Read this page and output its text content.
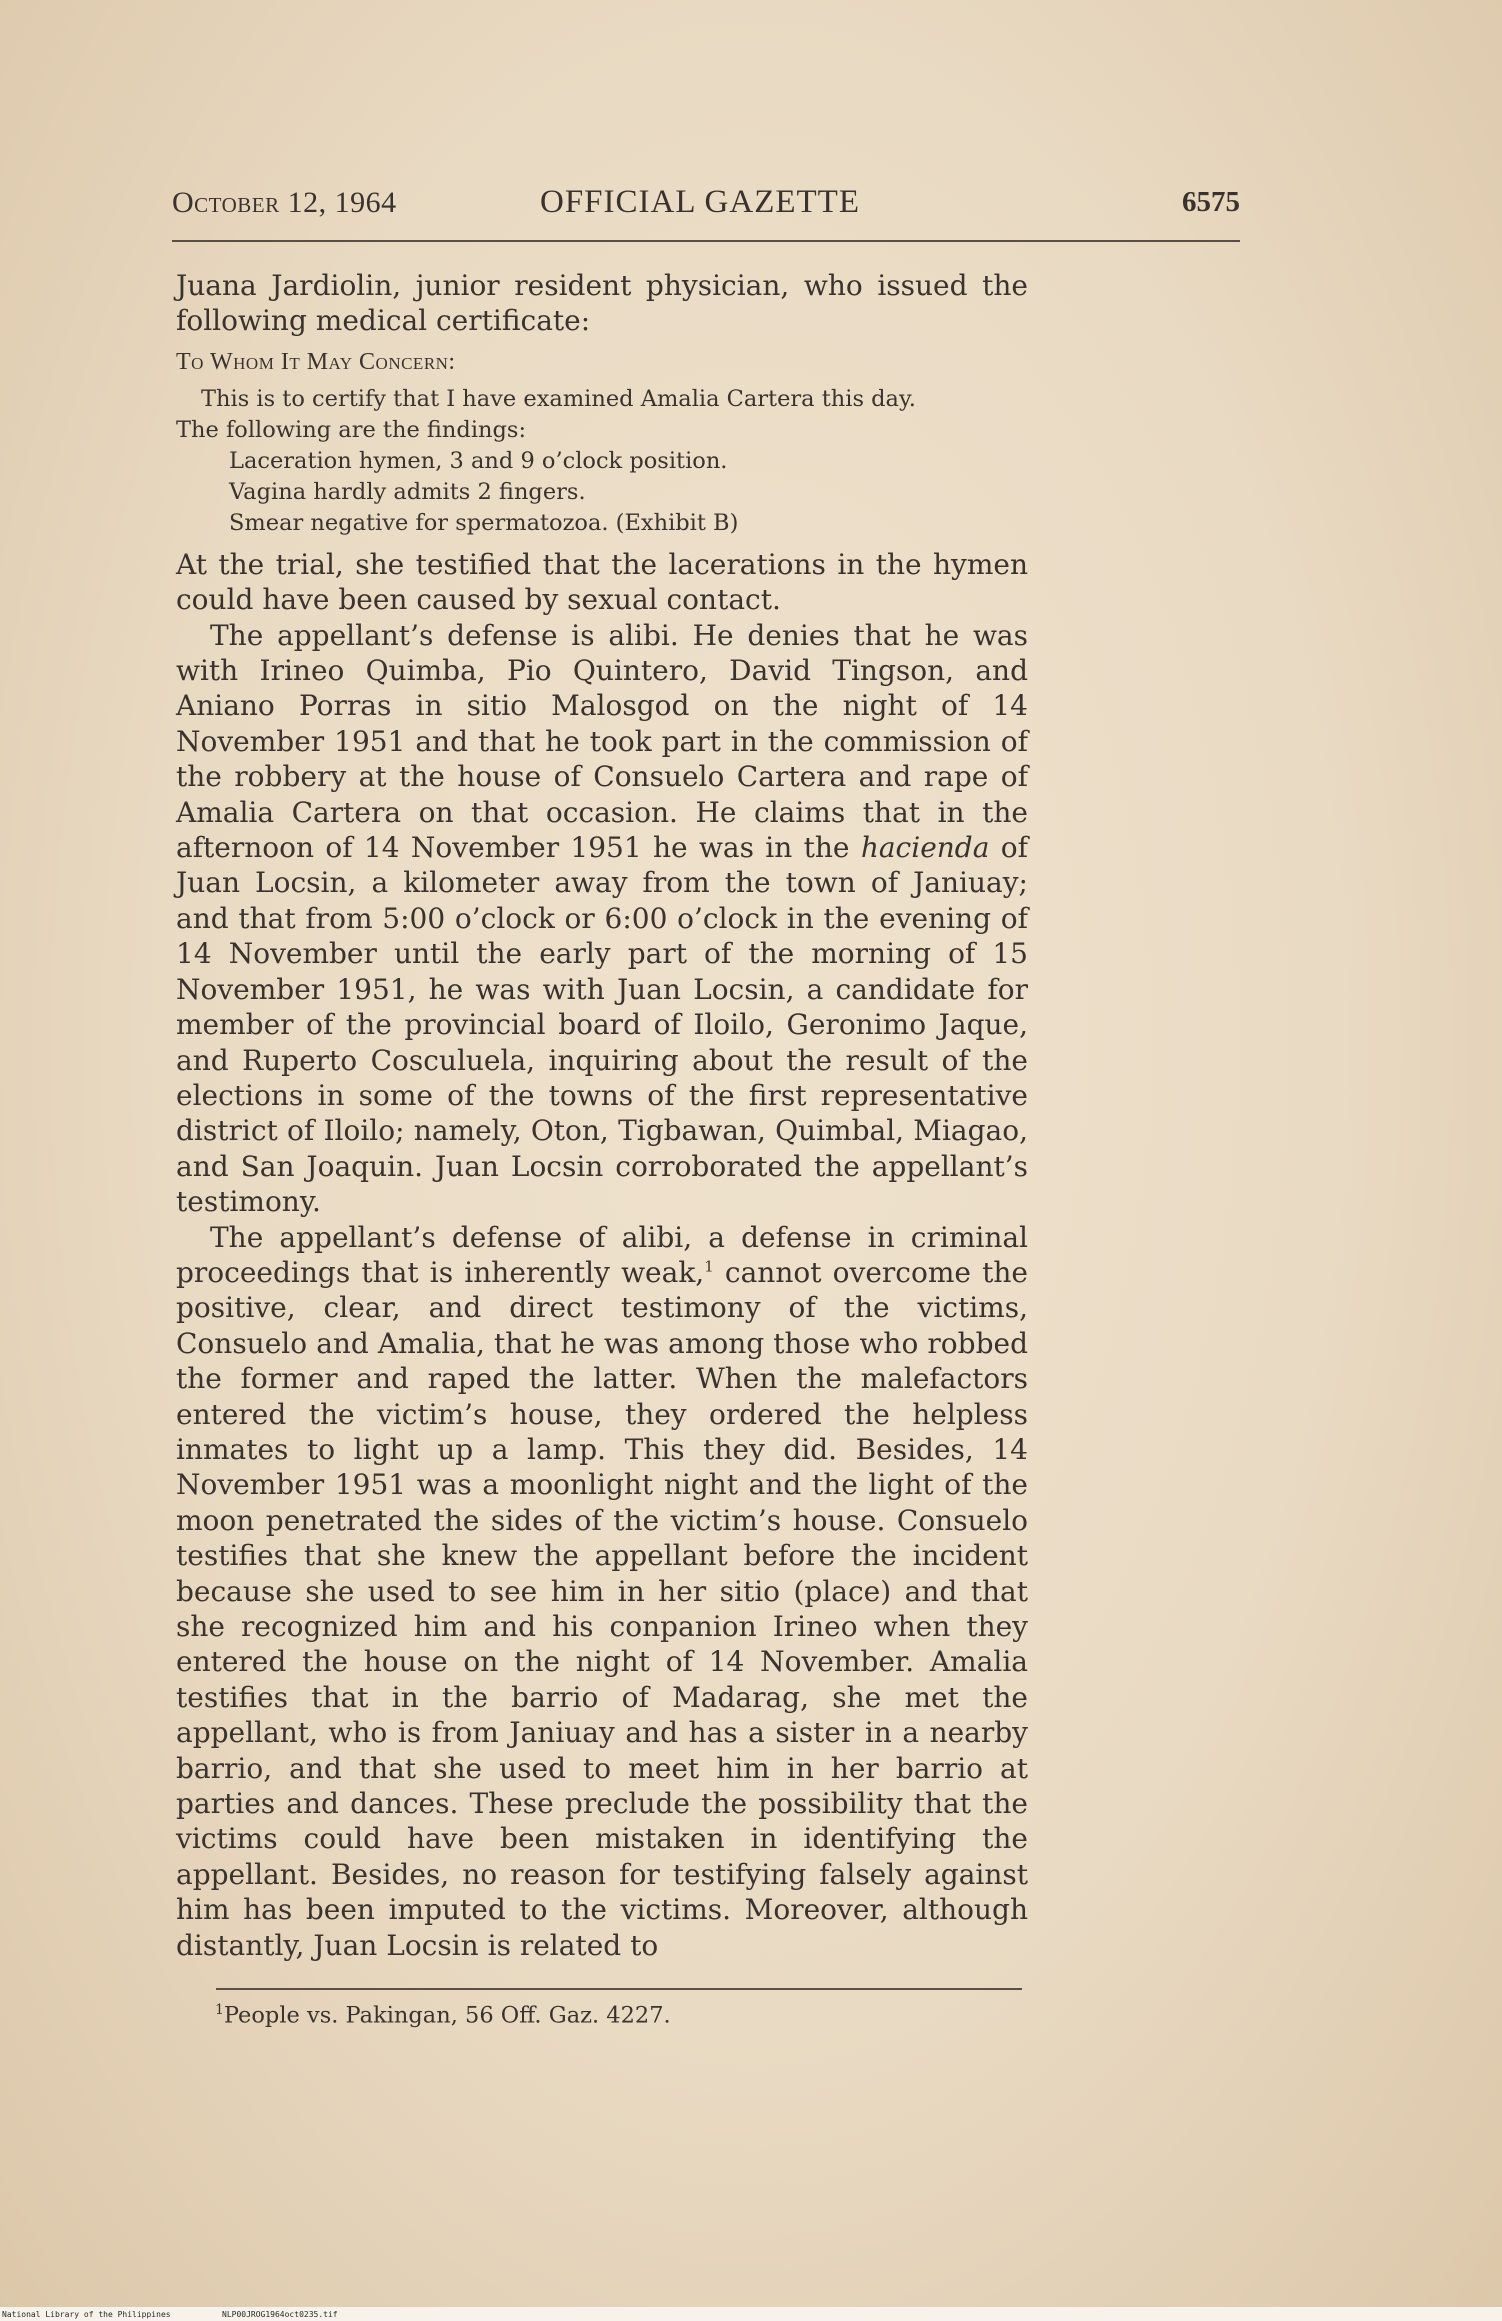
October 12, 1964	OFFICIAL GAZETTE	6575

Juana Jardiolin, junior resident physician, who issued the following medical certificate:

To Whom It May Concern:

This is to certify that I have examined Amalia Cartera this day.

The following are the findings:

Laceration hymen, 3 and 9 o’clock position.
Vagina hardly admits 2 fingers.
Smear negative for spermatozoa. (Exhibit B)

At the trial, she testified that the lacerations in the hymen could have been caused by sexual contact.

The appellant’s defense is alibi. He denies that he was with Irineo Quimba, Pio Quintero, David Tingson, and Aniano Porras in sitio Malosgod on the night of 14 November 1951 and that he took part in the commission of the robbery at the house of Consuelo Cartera and rape of Amalia Cartera on that occasion. He claims that in the afternoon of 14 November 1951 he was in the hacienda of Juan Locsin, a kilometer away from the town of Janiuay; and that from 5:00 o’clock or 6:00 o’clock in the evening of 14 November until the early part of the morning of 15 November 1951, he was with Juan Locsin, a candidate for member of the provincial board of Iloilo, Geronimo Jaque, and Ruperto Cosculuela, inquiring about the result of the elections in some of the towns of the first representative district of Iloilo; namely, Oton, Tigbawan, Quimbal, Miagao, and San Joaquin. Juan Locsin corroborated the appellant’s testimony.

The appellant’s defense of alibi, a defense in criminal proceedings that is inherently weak,$^1$ cannot overcome the positive, clear, and direct testimony of the victims, Consuelo and Amalia, that he was among those who robbed the former and raped the latter. When the malefactors entered the victim’s house, they ordered the helpless inmates to light up a lamp. This they did. Besides, 14 November 1951 was a moonlight night and the light of the moon penetrated the sides of the victim’s house. Consuelo testifies that she knew the appellant before the incident because she used to see him in her sitio (place) and that she recognized him and his conpanion Irineo when they entered the house on the night of 14 November. Amalia testifies that in the barrio of Madarag, she met the appellant, who is from Janiuay and has a sister in a nearby barrio, and that she used to meet him in her barrio at parties and dances. These preclude the possibility that the victims could have been mistaken in identifying the appellant. Besides, no reason for testifying falsely against him has been imputed to the victims. Moreover, although distantly, Juan Locsin is related to

$^1$People vs. Pakingan, 56 Off. Gaz. 4227.
National Library of the Philippines	NLP00JROG1964oct0235.tif
